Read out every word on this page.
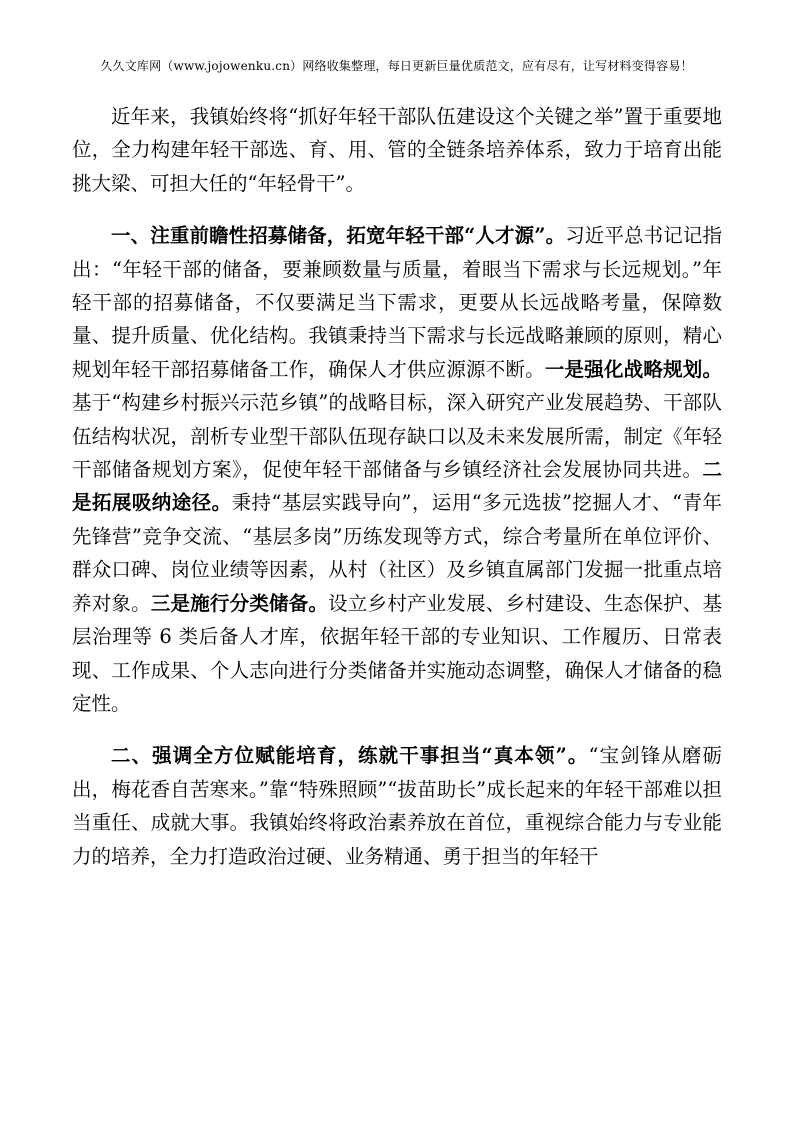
久久文库网（www.jojowenku.cn）网络收集整理，每日更新巨量优质范文，应有尽有，让写材料变得容易！

近年来，我镇始终将“抓好年轻干部队伍建设这个关键之举”置于重要地位，全力构建年轻干部选、育、用、管的全链条培养体系，致力于培育出能挑大梁、可担大任的“年轻骨干”。

一、注重前瞻性招募储备，拓宽年轻干部“人才源”。习近平总书记记指出：“年轻干部的储备，要兼顾数量与质量，着眼当下需求与长远规划。”年轻干部的招募储备，不仅要满足当下需求，更要从长远战略考量，保障数量、提升质量、优化结构。我镇秉持当下需求与长远战略兼顾的原则，精心规划年轻干部招募储备工作，确保人才供应源源不断。一是强化战略规划。基于“构建乡村振兴示范乡镇”的战略目标，深入研究产业发展趋势、干部队伍结构状况，剖析专业型干部队伍现存缺口以及未来发展所需，制定《年轻干部储备规划方案》，促使年轻干部储备与乡镇经济社会发展协同共进。二是拓展吸纳途径。秉持“基层实践导向”，运用“多元选拔”挖掘人才、“青年先锋营”竞争交流、“基层多岗”历练发现等方式，综合考量所在单位评价、群众口碑、岗位业绩等因素，从村（社区）及乡镇直属部门发掘一批重点培养对象。三是施行分类储备。设立乡村产业发展、乡村建设、生态保护、基层治理等 6 类后备人才库，依据年轻干部的专业知识、工作履历、日常表现、工作成果、个人志向进行分类储备并实施动态调整，确保人才储备的稳定性。

二、强调全方位赋能培育，练就干事担当“真本领”。“宝剑锋从磨砺出，梅花香自苦寒来。”靠“特殊照顾”“拔苗助长”成长起来的年轻干部难以担当重任、成就大事。我镇始终将政治素养放在首位，重视综合能力与专业能力的培养，全力打造政治过硬、业务精通、勇于担当的年轻干
